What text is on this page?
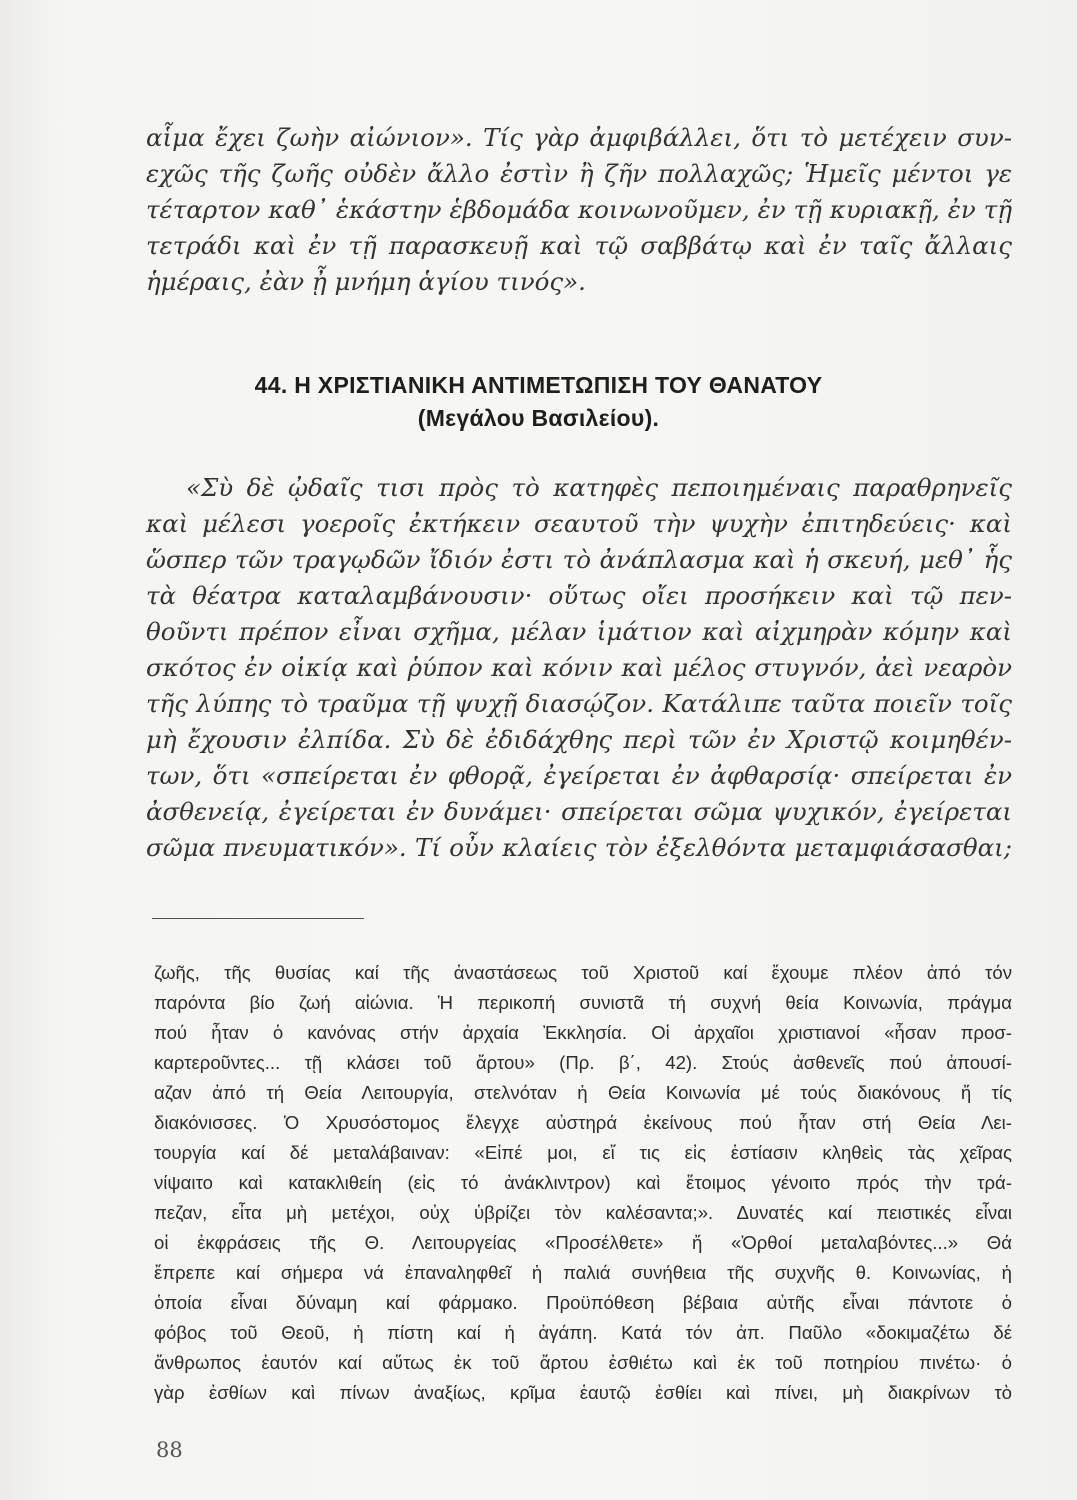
αἷμα ἔχει ζωὴν αἰώνιον». Τίς γὰρ ἀμφιβάλλει, ὅτι τὸ μετέχειν συν-
εχῶς τῆς ζωῆς οὐδὲν ἄλλο ἐστὶν ἢ ζῆν πολλαχῶς; Ἡμεῖς μέντοι γε
τέταρτον καθ᾿ ἑκάστην ἑβδομάδα κοινωνοῦμεν, ἐν τῇ κυριακῇ, ἐν τῇ
τετράδι καὶ ἐν τῇ παρασκευῇ καὶ τῷ σαββάτῳ καὶ ἐν ταῖς ἄλλαις
ἡμέραις, ἐὰν ᾖ μνήμη ἁγίου τινός».
44. Η ΧΡΙΣΤΙΑΝΙΚΗ ΑΝΤΙΜΕΤΩΠΙΣΗ ΤΟΥ ΘΑΝΑΤΟΥ
(Μεγάλου Βασιλείου).
«Σὺ δὲ ᾠδαῖς τισι πρὸς τὸ κατηφὲς πεποιημέναις παραθρηνεῖς
καὶ μέλεσι γοεροῖς ἐκτήκειν σεαυτοῦ τὴν ψυχὴν ἐπιτηδεύεις· καὶ
ὥσπερ τῶν τραγῳδῶν ἴδιόν ἐστι τὸ ἀνάπλασμα καὶ ἡ σκευή, μεθ᾿ ἧς
τὰ θέατρα καταλαμβάνουσιν· οὕτως οἴει προσήκειν καὶ τῷ πεν-
θοῦντι πρέπον εἶναι σχῆμα, μέλαν ἱμάτιον καὶ αἰχμηρὰν κόμην καὶ
σκότος ἐν οἰκίᾳ καὶ ῥύπον καὶ κόνιν καὶ μέλος στυγνόν, ἀεὶ νεαρὸν
τῆς λύπης τὸ τραῦμα τῇ ψυχῇ διασῴζον. Κατάλιπε ταῦτα ποιεῖν τοῖς
μὴ ἔχουσιν ἐλπίδα. Σὺ δὲ ἐδιδάχθης περὶ τῶν ἐν Χριστῷ κοιμηθέν-
των, ὅτι «σπείρεται ἐν φθορᾷ, ἐγείρεται ἐν ἀφθαρσίᾳ· σπείρεται ἐν
ἀσθενείᾳ, ἐγείρεται ἐν δυνάμει· σπείρεται σῶμα ψυχικόν, ἐγείρεται
σῶμα πνευματικόν». Τί οὖν κλαίεις τὸν ἐξελθόντα μεταμφιάσασθαι;
ζωῆς, τῆς θυσίας καί τῆς ἀναστάσεως τοῦ Χριστοῦ καί ἔχουμε πλέον ἀπό τόν
παρόντα βίο ζωή αἰώνια. Ἡ περικοπή συνιστᾶ τή συχνή θεία Κοινωνία, πράγμα
πού ἦταν ὁ κανόνας στήν ἀρχαία Ἐκκλησία. Οἱ ἀρχαῖοι χριστιανοί «ἦσαν προσ-
καρτεροῦντες... τῇ κλάσει τοῦ ἄρτου» (Πρ. β΄, 42). Στούς ἀσθενεῖς πού ἀπουσί-
αζαν ἀπό τή Θεία Λειτουργία, στελνόταν ἡ Θεία Κοινωνία μέ τούς διακόνους ἤ τίς
διακόνισσες. Ὁ Χρυσόστομος ἔλεγχε αὐστηρά ἐκείνους πού ἦταν στή Θεία Λει-
τουργία καί δέ μεταλάβαιναν: «Εἰπέ μοι, εἴ τις εἰς ἑστίασιν κληθεὶς τὰς χεῖρας
νίψαιτο καὶ κατακλιθείη (εἰς τό ἀνάκλιντρον) καὶ ἕτοιμος γένοιτο πρός τὴν τρά-
πεζαν, εἶτα μὴ μετέχοι, οὐχ ὑβρίζει τὸν καλέσαντα;». Δυνατές καί πειστικές εἶναι
οἱ ἐκφράσεις τῆς Θ. Λειτουργείας «Προσέλθετε» ἤ «Ὀρθοί μεταλαβόντες...» Θά
ἔπρεπε καί σήμερα νά ἐπαναληφθεῖ ἡ παλιά συνήθεια τῆς συχνῆς θ. Κοινωνίας, ἡ
ὁποία εἶναι δύναμη καί φάρμακο. Προϋπόθεση βέβαια αὐτῆς εἶναι πάντοτε ὁ
φόβος τοῦ Θεοῦ, ἡ πίστη καί ἡ ἀγάπη. Κατά τόν ἀπ. Παῦλο «δοκιμαζέτω δέ
ἄνθρωπος ἑαυτόν καί αὕτως ἐκ τοῦ ἄρτου ἐσθιέτω καὶ ἐκ τοῦ ποτηρίου πινέτω· ὁ
γὰρ ἐσθίων καὶ πίνων ἀναξίως, κρῖμα ἑαυτῷ ἐσθίει καὶ πίνει, μὴ διακρίνων τὸ
88
